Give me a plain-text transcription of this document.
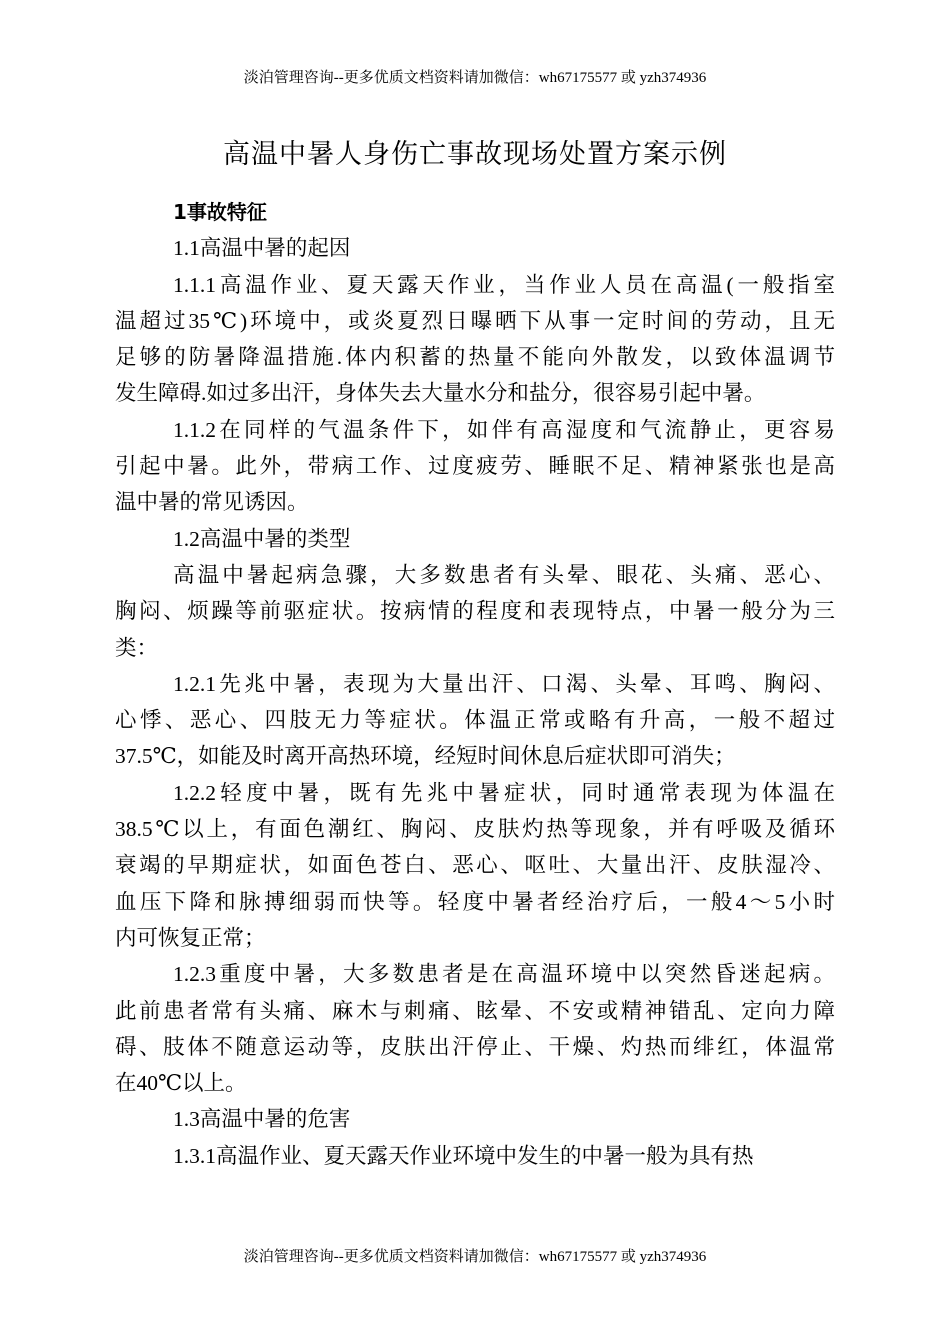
淡泊管理咨询--更多优质文档资料请加微信：wh67175577 或 yzh374936
高温中暑人身伤亡事故现场处置方案示例
1事故特征
1.1高温中暑的起因
1.1.1高温作业、夏天露天作业，当作业人员在高温(一般指室
温超过35℃)环境中，或炎夏烈日曝晒下从事一定时间的劳动，且无
足够的防暑降温措施.体内积蓄的热量不能向外散发，以致体温调节
发生障碍.如过多出汗，身体失去大量水分和盐分，很容易引起中暑。
1.1.2在同样的气温条件下，如伴有高湿度和气流静止，更容易
引起中暑。此外，带病工作、过度疲劳、睡眠不足、精神紧张也是高
温中暑的常见诱因。
1.2高温中暑的类型
高温中暑起病急骤，大多数患者有头晕、眼花、头痛、恶心、
胸闷、烦躁等前驱症状。按病情的程度和表现特点，中暑一般分为三
类：
1.2.1先兆中暑，表现为大量出汗、口渴、头晕、耳鸣、胸闷、
心悸、恶心、四肢无力等症状。体温正常或略有升高，一般不超过
37.5℃，如能及时离开高热环境，经短时间休息后症状即可消失；
1.2.2轻度中暑，既有先兆中暑症状，同时通常表现为体温在
38.5℃以上，有面色潮红、胸闷、皮肤灼热等现象，并有呼吸及循环
衰竭的早期症状，如面色苍白、恶心、呕吐、大量出汗、皮肤湿冷、
血压下降和脉搏细弱而快等。轻度中暑者经治疗后，一般4～5小时
内可恢复正常；
1.2.3重度中暑，大多数患者是在高温环境中以突然昏迷起病。
此前患者常有头痛、麻木与刺痛、眩晕、不安或精神错乱、定向力障
碍、肢体不随意运动等，皮肤出汗停止、干燥、灼热而绯红，体温常
在40℃以上。
1.3高温中暑的危害
1.3.1高温作业、夏天露天作业环境中发生的中暑一般为具有热
淡泊管理咨询--更多优质文档资料请加微信：wh67175577 或 yzh374936
